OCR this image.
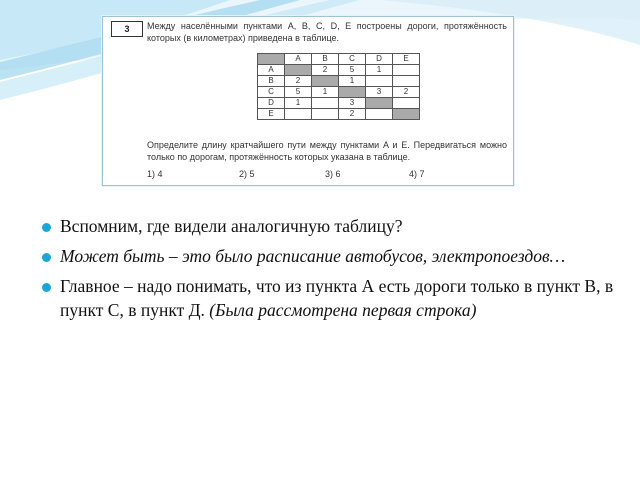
3	Между населёнными пунктами A, B, C, D, E построены дороги, протяжённость которых (в километрах) приведена в таблице.
	A	B	C	D	E
A		2	5	1	
B	2		1		
C	5	1		3	2
D	1		3		
E			2		
Определите длину кратчайшего пути между пунктами A и E. Передвигаться можно только по дорогам, протяжённость которых указана в таблице.
1) 4	2) 5	3) 6	4) 7
Вспомним, где видели аналогичную таблицу?
Может быть – это было расписание автобусов, электропоездов…
Главное – надо понимать, что из пункта А есть дороги только в пункт В, в пункт С, в пункт Д. (Была рассмотрена первая строка)
